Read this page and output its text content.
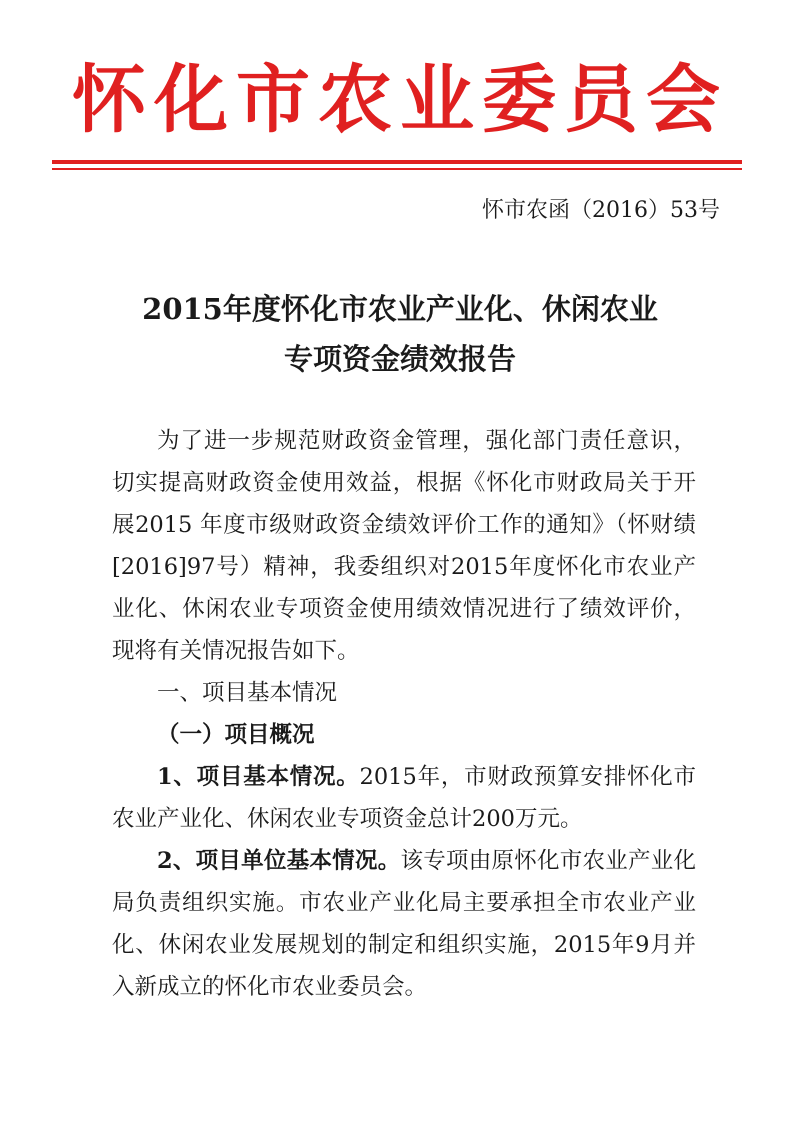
怀化市农业委员会
怀市农函（2016）53号
2015年度怀化市农业产业化、休闲农业
专项资金绩效报告
为了进一步规范财政资金管理，强化部门责任意识，切实提高财政资金使用效益，根据《怀化市财政局关于开展2015 年度市级财政资金绩效评价工作的通知》（怀财绩[2016]97号）精神，我委组织对2015年度怀化市农业产业化、休闲农业专项资金使用绩效情况进行了绩效评价，现将有关情况报告如下。
一、项目基本情况
（一）项目概况
1、项目基本情况。2015年，市财政预算安排怀化市农业产业化、休闲农业专项资金总计200万元。
2、项目单位基本情况。该专项由原怀化市农业产业化局负责组织实施。市农业产业化局主要承担全市农业产业化、休闲农业发展规划的制定和组织实施，2015年9月并入新成立的怀化市农业委员会。
